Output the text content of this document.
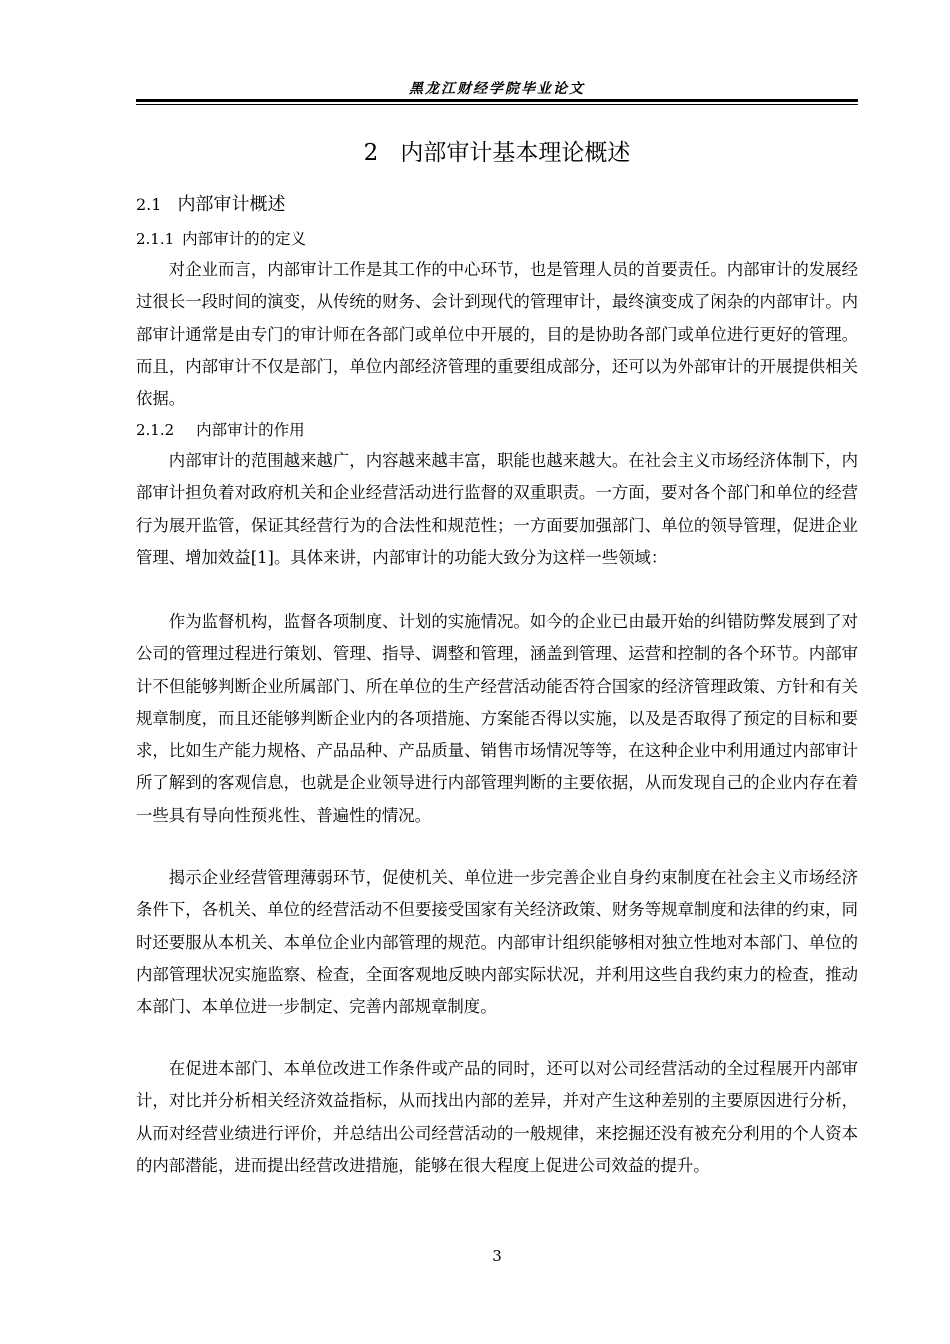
黑龙江财经学院毕业论文
2 内部审计基本理论概述
2.1 内部审计概述
2.1.1 内部审计的的定义

对企业而言，内部审计工作是其工作的中心环节，也是管理人员的首要责任。内部审计的发展经过很长一段时间的演变，从传统的财务、会计到现代的管理审计，最终演变成了闲杂的内部审计。内部审计通常是由专门的审计师在各部门或单位中开展的，目的是协助各部门或单位进行更好的管理。而且，内部审计不仅是部门，单位内部经济管理的重要组成部分，还可以为外部审计的开展提供相关依据。

2.1.2 内部审计的作用

内部审计的范围越来越广，内容越来越丰富，职能也越来越大。在社会主义市场经济体制下，内部审计担负着对政府机关和企业经营活动进行监督的双重职责。一方面，要对各个部门和单位的经营行为展开监管，保证其经营行为的合法性和规范性；一方面要加强部门、单位的领导管理，促进企业管理、增加效益[1]。具体来讲，内部审计的功能大致分为这样一些领域：

作为监督机构，监督各项制度、计划的实施情况。如今的企业已由最开始的纠错防弊发展到了对公司的管理过程进行策划、管理、指导、调整和管理，涵盖到管理、运营和控制的各个环节。内部审计不但能够判断企业所属部门、所在单位的生产经营活动能否符合国家的经济管理政策、方针和有关规章制度，而且还能够判断企业内的各项措施、方案能否得以实施，以及是否取得了预定的目标和要求，比如生产能力规格、产品品种、产品质量、销售市场情况等等，在这种企业中利用通过内部审计所了解到的客观信息，也就是企业领导进行内部管理判断的主要依据，从而发现自己的企业内存在着一些具有导向性预兆性、普遍性的情况。

揭示企业经营管理薄弱环节，促使机关、单位进一步完善企业自身约束制度在社会主义市场经济条件下，各机关、单位的经营活动不但要接受国家有关经济政策、财务等规章制度和法律的约束，同时还要服从本机关、本单位企业内部管理的规范。内部审计组织能够相对独立性地对本部门、单位的内部管理状况实施监察、检查，全面客观地反映内部实际状况，并利用这些自我约束力的检查，推动本部门、本单位进一步制定、完善内部规章制度。

在促进本部门、本单位改进工作条件或产品的同时，还可以对公司经营活动的全过程展开内部审计，对比并分析相关经济效益指标，从而找出内部的差异，并对产生这种差别的主要原因进行分析，从而对经营业绩进行评价，并总结出公司经营活动的一般规律，来挖掘还没有被充分利用的个人资本的内部潜能，进而提出经营改进措施，能够在很大程度上促进公司效益的提升。

3
